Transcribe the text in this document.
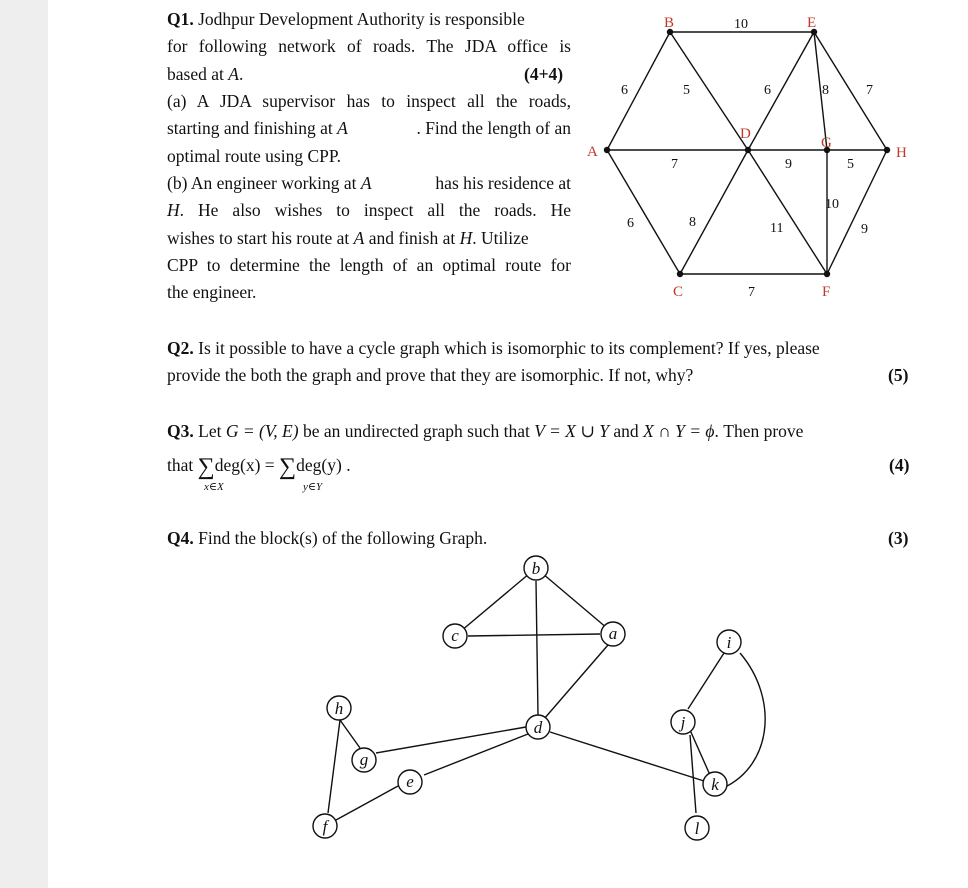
Q1. Jodhpur Development Authority is responsible
for following network of roads. The JDA office is
based at A.	(4+4)
(a) A JDA supervisor has to inspect all the roads,
starting and finishing at A	. Find the length of an
optimal route using CPP.
(b) An engineer working at A	has his residence at
H . He also wishes to inspect all the roads. He
wishes to start his route at A and finish at H. Utilize
CPP to determine the length of an optimal route for
the engineer.
A
B
C
D
E
F
G
H
6
10
5	6	8	7
7	9	5
6	8	11
10
9
7
Q2. Is it possible to have a cycle graph which is isomorphic to its complement? If yes, please
provide the both the graph and prove that they are isomorphic. If not, why?	(5)
Q3. Let G = (V, E) be an undirected graph such that V = X ∪ Y and X ∩ Y = ϕ. Then prove
that ∑deg(x) = ∑deg(y) .
x∈X	y∈Y
(4)
Q4. Find the block(s) of the following Graph.	(3)
a
b
c
d
e
f
g
h
i
j
k
l
